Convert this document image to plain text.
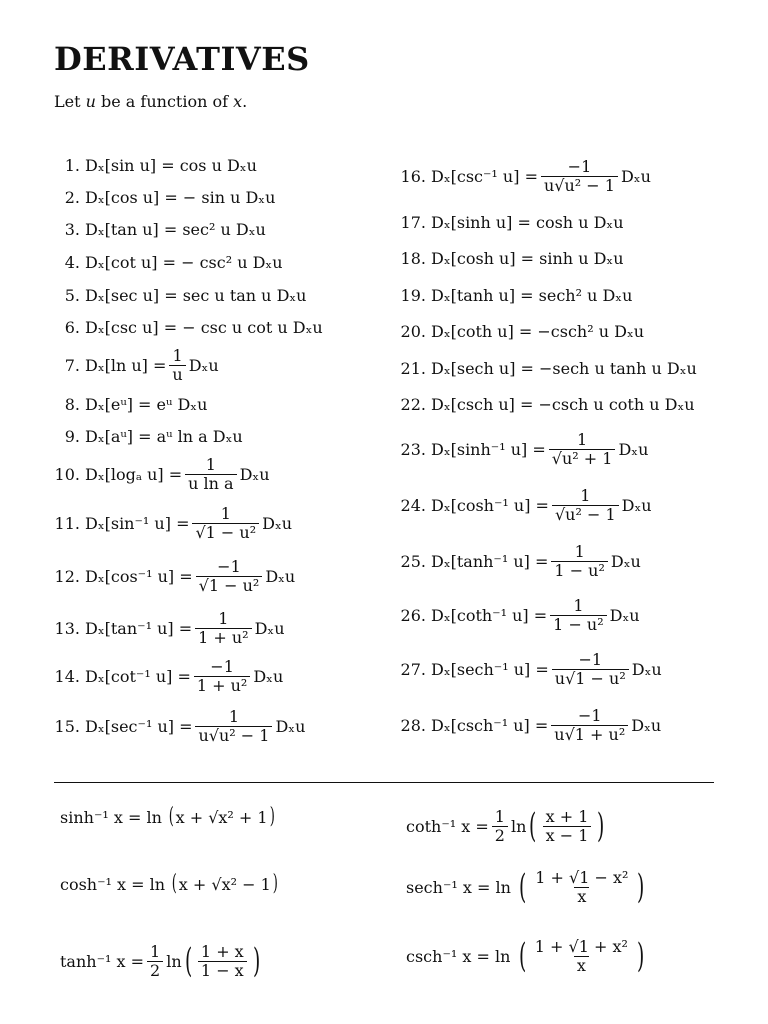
DERIVATIVES
Let u be a function of x.
1. Dₓ[sin u] = cos u Dₓu
2. Dₓ[cos u] = − sin u Dₓu
3. Dₓ[tan u] = sec² u Dₓu
4. Dₓ[cot u] = − csc² u Dₓu
5. Dₓ[sec u] = sec u tan u Dₓu
6. Dₓ[csc u] = − csc u cot u Dₓu
7. Dₓ[ln $u] = \frac{1}{u}$ Dₓu
8. Dₓ[eᵘ] = eᵘ Dₓu
9. Dₓ[aᵘ] = aᵘ ln a Dₓu
10. Dₓ[logₐ $u] = \frac{1}{\text{u ln a}}$ Dₓu
11. Dₓ[sin⁻¹ $u] = \frac{1}{\text{√1 − u²}}$ Dₓu
12. Dₓ[cos⁻¹ $u] = \frac{-1}{\text{√1 − u²}}$ Dₓu
13. Dₓ[tan⁻¹ $u] = \frac{1}{\text{1 + u²}}$ Dₓu
14. Dₓ[cot⁻¹ $u] = \frac{-1}{\text{1 + u²}}$ Dₓu
15. Dₓ[sec⁻¹ $u] = \frac{1}{\text{u√u² − 1}}$ Dₓu
16. Dₓ[csc⁻¹ $u] = \frac{-1}{\text{u√u² − 1}}$ Dₓu
17. Dₓ[sinh u] = cosh u Dₓu
18. Dₓ[cosh u] = sinh u Dₓu
19. Dₓ[tanh u] = sech² u Dₓu
20. Dₓ[coth u] = −csch² u Dₓu
21. Dₓ[sech u] = −sech u tanh u Dₓu
22. Dₓ[csch u] = −csch u coth u Dₓu
23. Dₓ[sinh⁻¹ $u] = \frac{1}{\text{√u² + 1}}$ Dₓu
24. Dₓ[cosh⁻¹ $u] = \frac{1}{\text{√u² − 1}}$ Dₓu
25. Dₓ[tanh⁻¹ $u] = \frac{1}{\text{1 − u²}}$ Dₓu
26. Dₓ[coth⁻¹ $u] = \frac{1}{\text{1 − u²}}$ Dₓu
27. Dₓ[sech⁻¹ $u] = \frac{-1}{\text{u√1 − u²}}$ Dₓu
28. Dₓ[csch⁻¹ $u] = \frac{-1}{\text{u√1 + u²}}$ Dₓu
sinh⁻¹ x = ln
( x + √x² + 1 )
cosh⁻¹ x = ln
( x + √x² − 1 )
tanh⁻¹ $x = \frac{1}{2}$ ln ( 1 + x
1 − x )
coth⁻¹ $x = \frac{1}{2}$ ln ( x + 1
x − 1 )
sech⁻¹ x = ln
( 1 + √1 − x²
x )
csch⁻¹ x = ln
( 1 + √1 + x²
x )
